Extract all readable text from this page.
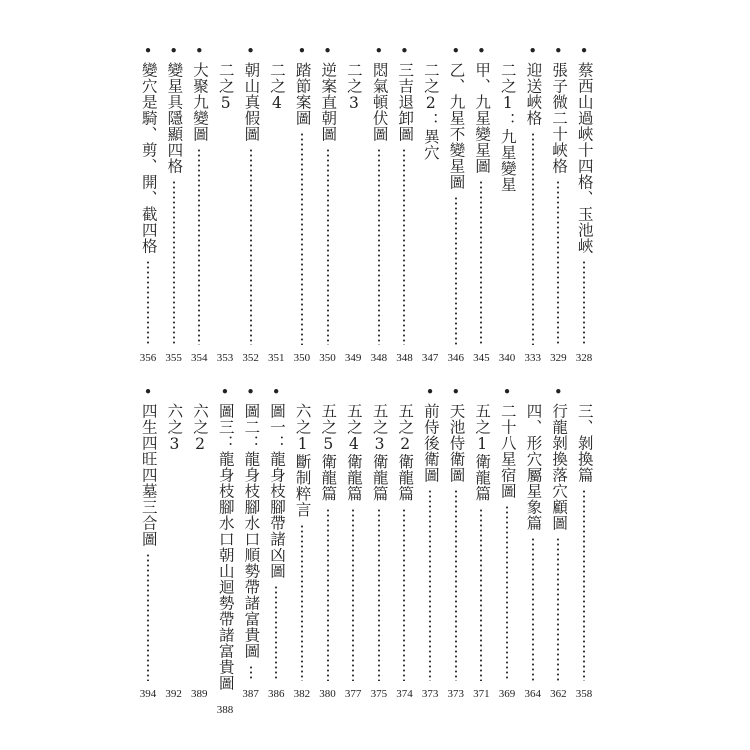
•
蔡西山過峽十四格、玉池峽
328
•
張子微二十峽格
329
•
迎送峽格
333
二之1：九星變星
340
•
甲、九星變星圖
345
•
乙、九星不變星圖
346
二之2：異穴
347
•
三吉退卸圖
348
•
悶氣頓伏圖
348
二之3
349
•
逆案直朝圖
350
•
踏節案圖
350
二之4
351
•
朝山真假圖
352
二之5
353
•
大聚九變圖
354
•
變星具隱顯四格
355
•
變穴是騎、剪、開、截四格
356
三、剝換篇
358
•
行龍剝換落穴顧圖
362
四、形穴屬星象篇
364
•
二十八星宿圖
369
五之1衛龍篇
371
•
天池侍衛圖
373
•
前侍後衛圖
373
五之2衛龍篇
374
五之3衛龍篇
375
五之4衛龍篇
377
五之5衛龍篇
380
六之1斷制粹言
382
•
圖一：龍身枝腳帶諸凶圖
386
•
圖二：龍身枝腳水口順勢帶諸富貴圖
387
•
圖三：龍身枝腳水口朝山迴勢帶諸富貴圖
388
六之2
389
六之3
392
•
四生四旺四墓三合圖
394
